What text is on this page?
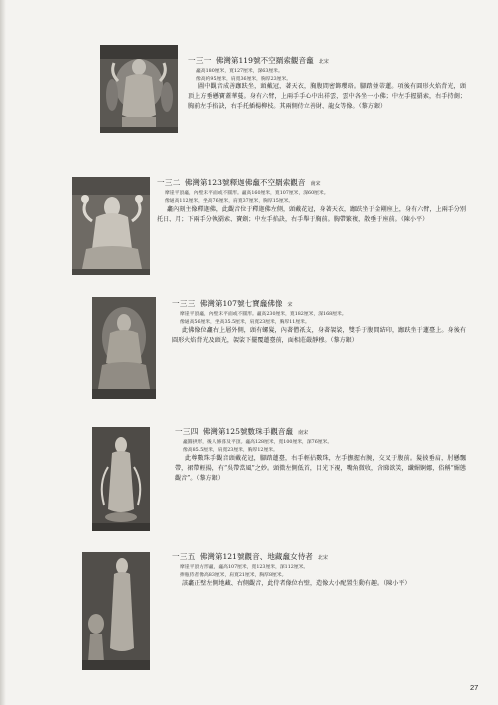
一三一 佛灣第119號不空羂索觀音龕 北宋
龕高180厘米，寬127厘米，深63厘米。
像高約95厘米，肩寬36厘米，胸厚23厘米。
圖中觀音成善跏趺坐，頭戴冠，著天衣，胸腹間密飾瓔珞。腳踏並蒂蓮。項後有圓形火焰背光，頭頂上方垂懸寶蓋華蔓。身有六臂，上兩手手心中出祥雲，雲中各坐一小佛；中左手握羂索，右手持劍；胸前左手掐訣，右手托插楊柳枝。其兩側侍立善財、龍女等像。（黎方銀）
一三二 佛灣第123號釋迦佛龕不空羂索觀音 南宋
摩崖平頂龕，內壁未平面或不圓形。龕高160厘米，寬107厘米，深60厘米。
像通高112厘米，坐高76厘米，肩寬37厘米，胸厚15厘米。
龕內刻主像釋迦佛，此觀音位于釋迦佛左側，頭戴花冠，身著天衣，跏趺坐于金剛座上，身有六臂，上兩手分別托日、月；下兩手分執羂索、寶劍；中左手掐訣，右手舉于胸前。胸帶繁複，散垂于座前。（陳小平）
一三三 佛灣第107號七寶龕佛像 宋
摩崖平頂龕，內壁未平面或不圓形。龕高230厘米，寬182厘米，深168厘米。
像通高56厘米，坐高35.5厘米，肩寬23厘米，胸厚11厘米。
此佛像位龕右上層外側，頭有螺髮，內著僧祇支，身著袈裟，雙手于腹間結印，跏趺坐于蓮臺上。身後有圓形火焰背光及頭光，袈裟下擺覆蓮臺前，面相莊嚴靜穆。（黎方銀）
一三四 佛灣第125號數珠手觀音龕 南宋
龕圓拱形，後人修葺及平頂。龕高128厘米，寬100厘米，深76厘米。
像高85.5厘米，肩寬23厘米，胸厚12厘米。
此尊數珠手觀音頭戴花冠，腳踏蓮臺，右手輕拈數珠，左手撫握右腕，交叉于腹前。髮披垂肩，肘懸飄帶，裙帶輕揚，有“吳帶當風”之妙。頭微左側低首，目光下視，嘴角微收，含睇欲笑，纖媚婀娜，俗稱“媚態觀音”。（黎方銀）
一三五 佛灣第121號觀音、地藏龕女侍者 北宋
摩崖平頂方形龕，龕高107厘米，寬123厘米，深112厘米。
捧瓶侍者像高83厘米，肩寬21厘米，胸厚8厘米。
該龕正壁左側地藏、右側觀音，此侍者像位右壁，造像大小配置生動有趣。（陳小平）
27
